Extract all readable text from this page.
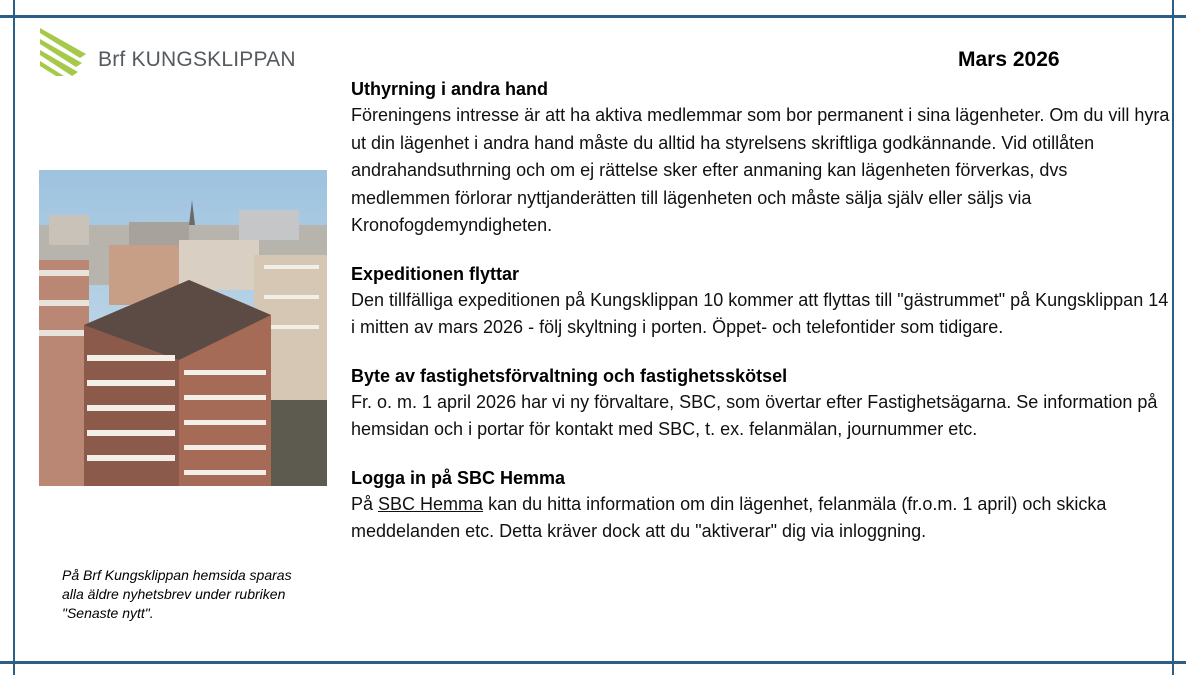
Brf KUNGSKLIPPAN	Mars 2026
På Brf Kungsklippan hemsida sparas alla äldre nyhetsbrev under rubriken "Senaste nytt".
Uthyrning i andra hand

Föreningens intresse är att ha aktiva medlemmar som bor permanent i sina lägenheter. Om du vill hyra ut din lägenhet i andra hand måste du alltid ha styrelsens skriftliga godkännande. Vid otillåten andrahandsuthrning och om ej rättelse sker efter anmaning kan lägenheten förverkas, dvs medlemmen förlorar nyttjanderätten till lägenheten och måste sälja själv eller säljs via Kronofogdemyndigheten.

Expeditionen flyttar

Den tillfälliga expeditionen på Kungsklippan 10 kommer att flyttas till "gästrummet" på Kungsklippan 14 i mitten av mars 2026 - följ skyltning i porten. Öppet- och telefontider som tidigare.

Byte av fastighetsförvaltning och fastighetsskötsel

Fr. o. m. 1 april 2026 har vi ny förvaltare, SBC, som övertar efter Fastighetsägarna. Se information på hemsidan och i portar för kontakt med SBC, t. ex. felanmälan, journummer etc.

Logga in på SBC Hemma

På SBC Hemma kan du hitta information om din lägenhet, felanmäla (fr.o.m. 1 april) och skicka meddelanden etc. Detta kräver dock att du "aktiverar" dig via inloggning.
